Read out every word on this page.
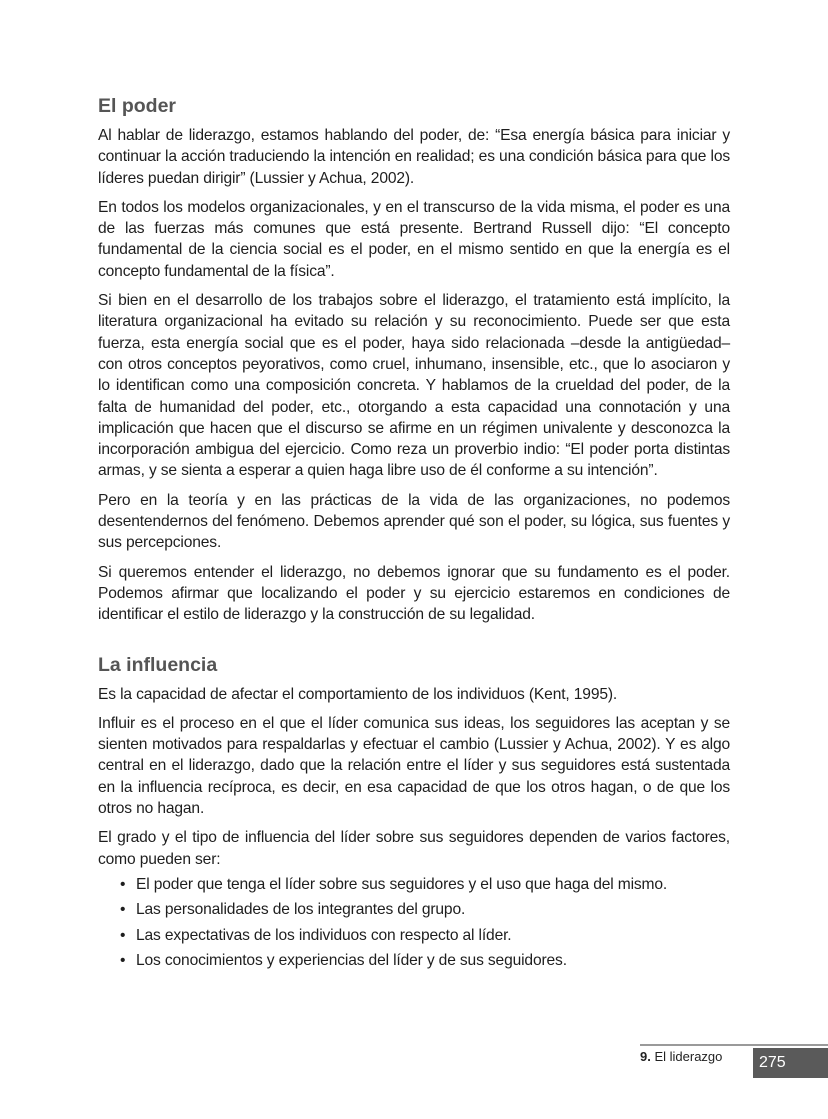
El poder

Al hablar de liderazgo, estamos hablando del poder, de: “Esa energía básica para iniciar y continuar la acción traduciendo la intención en realidad; es una condición básica para que los líderes puedan dirigir” (Lussier y Achua, 2002).

En todos los modelos organizacionales, y en el transcurso de la vida misma, el poder es una de las fuerzas más comunes que está presente. Bertrand Russell dijo: “El concepto fundamental de la ciencia social es el poder, en el mismo sentido en que la energía es el concepto fundamental de la física”.

Si bien en el desarrollo de los trabajos sobre el liderazgo, el tratamiento está implícito, la literatura organizacional ha evitado su relación y su reconocimiento. Puede ser que esta fuerza, esta energía social que es el poder, haya sido relacionada –desde la antigüedad– con otros conceptos peyorativos, como cruel, inhumano, insensible, etc., que lo asociaron y lo identifican como una composición concreta. Y hablamos de la crueldad del poder, de la falta de humanidad del poder, etc., otorgando a esta capacidad una connotación y una implicación que hacen que el discurso se afirme en un régimen univalente y desconozca la incorporación ambigua del ejercicio. Como reza un proverbio indio: “El poder porta distintas armas, y se sienta a esperar a quien haga libre uso de él conforme a su intención”.

Pero en la teoría y en las prácticas de la vida de las organizaciones, no podemos desentendernos del fenómeno. Debemos aprender qué son el poder, su lógica, sus fuentes y sus percepciones.

Si queremos entender el liderazgo, no debemos ignorar que su fundamento es el poder. Podemos afirmar que localizando el poder y su ejercicio estaremos en condiciones de identificar el estilo de liderazgo y la construcción de su legalidad.

La influencia

Es la capacidad de afectar el comportamiento de los individuos (Kent, 1995).

Influir es el proceso en el que el líder comunica sus ideas, los seguidores las aceptan y se sienten motivados para respaldarlas y efectuar el cambio (Lussier y Achua, 2002). Y es algo central en el liderazgo, dado que la relación entre el líder y sus seguidores está sustentada en la influencia recíproca, es decir, en esa capacidad de que los otros hagan, o de que los otros no hagan.

El grado y el tipo de influencia del líder sobre sus seguidores dependen de varios factores, como pueden ser:

• El poder que tenga el líder sobre sus seguidores y el uso que haga del mismo.
• Las personalidades de los integrantes del grupo.
• Las expectativas de los individuos con respecto al líder.
• Los conocimientos y experiencias del líder y de sus seguidores.
9. El liderazgo	275
